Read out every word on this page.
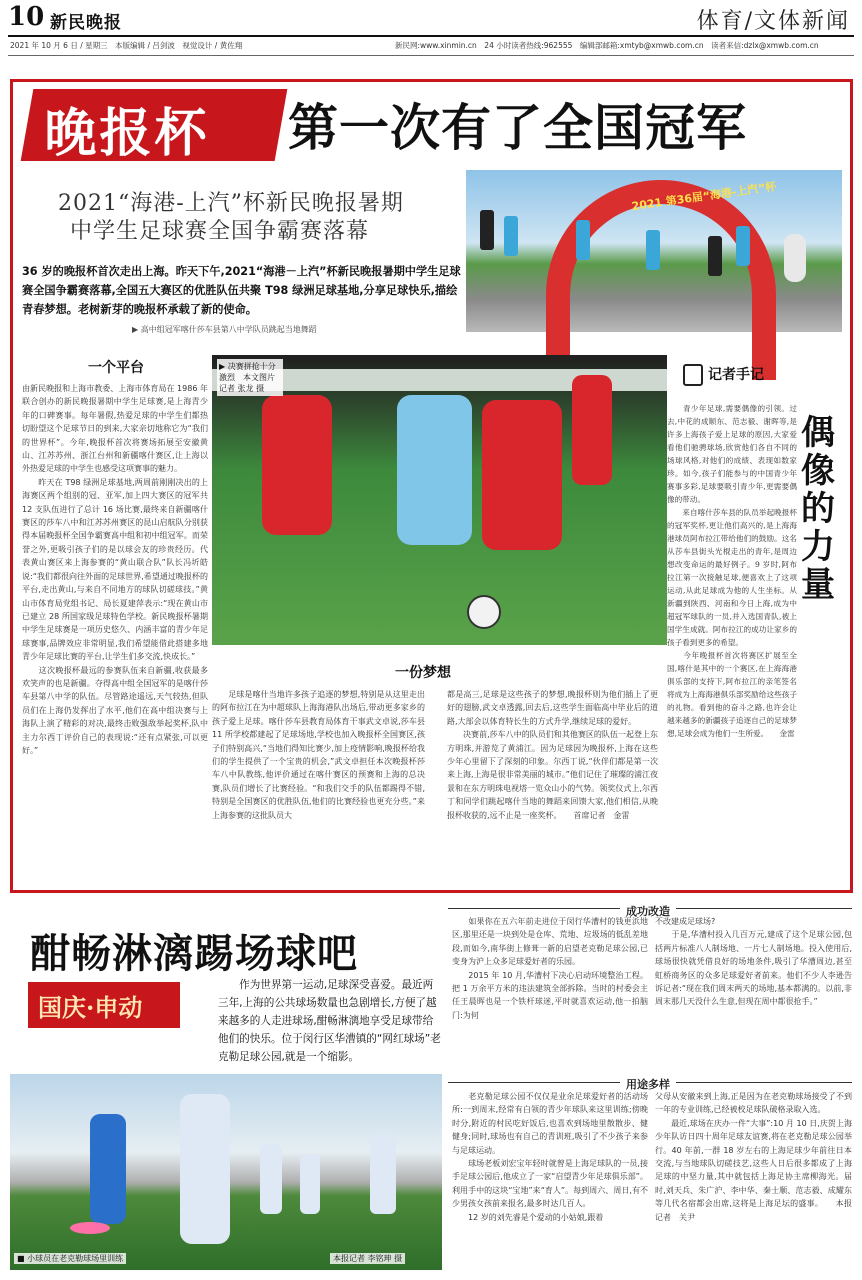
10 新民晚报	体育/文体新闻
2021 年 10 月 6 日 / 星期三　本版编辑 / 吕剑波　视觉设计 / 黄佐翔	新民网:www.xinmin.cn　24 小时读者热线:962555　编辑部邮箱:xmtyb@xmwb.com.cn　读者来信:dzlx@xmwb.com.cn
晚报杯 第一次有了全国冠军
2021“海港-上汽”杯新民晚报暑期
中学生足球赛全国争霸赛落幕
36 岁的晚报杯首次走出上海。昨天下午,2021“海港－上汽”杯新民晚报暑期中学生足球赛全国争霸赛落幕,全国五大赛区的优胜队伍共聚 T98 绿洲足球基地,分享足球快乐,描绘青春梦想。老树新芽的晚报杯承载了新的使命。
▶ 高中组冠军喀什莎车县第八中学队员跳起当地舞蹈
2021 第36届“海港-上汽”杯
一个平台
由新民晚报和上海市教委、上海市体育局在 1986 年联合创办的新民晚报暑期中学生足球赛,是上海青少年的口碑赛事。每年暑假,热爱足球的中学生们都热切盼望这个足球节日的到来,大家亲切地称它为“我们的世界杯”。今年,晚报杯首次将赛场拓展至安徽黄山、江苏苏州、浙江台州和新疆喀什赛区,让上海以外热爱足球的中学生也感受这项赛事的魅力。
　　昨天在 T98 绿洲足球基地,两周前刚刚决出的上海赛区两个组别的冠、亚军,加上四大赛区的冠军共 12 支队伍进行了总计 16 场比赛,最终来自新疆喀什赛区的莎车八中和江苏苏州赛区的昆山启航队分别获得本届晚报杯全国争霸赛高中组和初中组冠军。而荣誉之外,更吸引孩子们的是以球会友的珍贵经历。代表黄山赛区来上海参赛的“黄山联合队”队长冯圻皓说:“我们都很向往外面的足球世界,希望通过晚报杯的平台,走出黄山,与来自不同地方的球队切磋球技。”黄山市体育局党组书记、局长夏建萍表示:“现在黄山市已建立 28 所国家级足球特色学校。新民晚报杯暑期中学生足球赛是一项历史悠久、内涵丰富的青少年足球赛事,品牌效应非常明显,我们希望能借此搭建多地青少年足球比赛的平台,让学生们多交流,快成长。”
　　这次晚报杯最远的参赛队伍来自新疆,收获最多欢笑声的也是新疆。夺得高中组全国冠军的是喀什莎车县第八中学的队伍。尽管路途遥远,天气较热,但队员们在上海仍发挥出了水平,他们在高中组决赛与上海队上演了精彩的对决,最终击败强敌举起奖杯,队中主力尔西丁评价自己的表现说:“还有点紧张,可以更好。”
▶ 决赛拼抢十分激烈　本文图片 记者 张龙 摄
一份梦想
　　足球是喀什当地许多孩子追逐的梦想,特别是从这里走出的阿布拉江在为中超球队上海海港队出场后,带动更多家乡的孩子爱上足球。喀什莎车县教育局体育干事武文卓说,莎车县 11 所学校都建起了足球场地,学校也加入晚报杯全国赛区,孩子们特别高兴,“当地们得知比赛少,加上疫情影响,晚报杯给我们的学生提供了一个宝贵的机会,”武文卓担任本次晚报杯莎车八中队教练,他评价通过在喀什赛区的预赛和上海的总决赛,队员们增长了比赛经验。“和我们交手的队伍都踢得不错,特别是全国赛区的优胜队伍,他们的比赛经验也更充分些。”来上海参赛的这批队员大
都是高三,足球是这些孩子的梦想,晚报杯则为他们插上了更好的翅膀,武文卓透露,回去后,这些学生面临高中毕业后的道路,大部会以体育特长生的方式升学,继续足球的爱好。
　　决赛前,莎车八中的队员们和其他赛区的队伍一起登上东方明珠,并游览了黄浦江。因为足球因为晚报杯,上海在这些少年心里留下了深刻的印象。尔西丁说,“伙伴们都是第一次来上海,上海是很非常美丽的城市。”他们记住了璀璨的浦江夜景和在东方明珠电视塔一览众山小的气势。领奖仪式上,尔西丁和同学们跳起喀什当地的舞蹈来回馈大家,他们相信,从晚报杯收获的,远不止是一座奖杯。　　首席记者　金雷
记者手记
　　青少年足球,需要偶像的引领。过去,中花的成顺东、范志毅、谢晖等,是许多上海孩子爱上足球的原因,大家爱看他们驰骋球场,欣赏他们各自不同的场球风格,对他们的成绩、表现如数家珍。如今,孩子们能参与的中国青少年赛事多彩,足球要吸引青少年,更需要偶像的带动。
　　来自喀什莎车县的队员举起晚报杯的冠军奖杯,更让他们高兴的,是上海海港球员阿布拉江带给他们的鼓励。这名从莎车县街头光棍走出的青年,是周边想改变命运的最好例子。9 岁时,阿布拉江第一次接触足球,便喜欢上了这项运动,从此足球成为他的人生坐标。从新疆到陕西、河南和今日上海,成为中超冠军球队的一员,并入选国青队,被上国学生成就。阿布拉江的成功让家乡的孩子看到更多的希望。
　　今年晚报杯首次将赛区扩展至全国,喀什是其中的一个赛区,在上海海港俱乐部的支持下,阿布拉江的亲笔签名将成为上海海港俱乐部奖励给这些孩子的礼物。看到他的奋斗之路,也许会让越来越多的新疆孩子追逐自己的足球梦想,足球会成为他们一生所爱。　　金雷
偶像的力量
酣畅淋漓踢场球吧
国庆·申动
　　作为世界第一运动,足球深受喜爱。最近两三年,上海的公共球场数量也急剧增长,方便了越来越多的人走进球场,酣畅淋漓地享受足球带给他们的快乐。位于闵行区华漕镇的“网红球场”老克勒足球公园,就是一个缩影。
■ 小球员在老克勒球场里训练	本报记者 李铭珅 摄
成功改造
　　如果你在五六年前走进位于闵行华漕村的钱更浜地区,那里还是一块到处是仓库、荒地、垃圾场的低乱差地段,而如今,南华街上修葺一新的启望老克勒足球公园,已变身为沪上众多足球爱好者的乐园。
　　2015 年 10 月,华漕村下决心启动环境整治工程。把 1 万余平方米的违法建筑全部拆除。当时的村委会主任王晨晖也是一个铁杆球迷,平时就喜欢运动,他一拍脑门:为何
不改建成足球场?
　　于是,华漕村投入几百万元,建成了这个足球公园,包括两片标准八人制场地、一片七人制场地。投入使用后,球场很快就凭借良好的场地条件,吸引了华漕周边,甚至虹桥商务区的众多足球爱好者前来。他们不少人李逊告诉记者:“现在我们周末两天的场地,基本都满的。以前,非周末那几天没什么生意,但现在周中都很抢手。”
用途多样
　　老克勒足球公园不仅仅是业余足球爱好者的活动场所:一到周末,经常有白领的青少年球队来这里训练;傍晚时分,附近的村民吃好饭后,也喜欢到场地里散散步、健健身;同时,球场也有自己的青训班,吸引了不少孩子来参与足球运动。
　　球场老板刘宏宝年轻时就曾是上海足球队的一员,接手足球公园后,他成立了一家“启望青少年足球俱乐部”。利用手中的这块“宝地”来“育人”。每到周六、周日,有不少男孩女孩前来报名,最多时达几百人。
　　12 岁的刘先睿是个爱动的小姑娘,跟着
父母从安徽来到上海,正是因为在老克勒球场接受了不到一年的专业训练,已经被校足球队破格录取入选。
　　最近,球场在庆办一件“大事”:10 月 10 日,庆贺上海少年队访日四十周年足球友谊赛,将在老克勒足球公园举行。40 年前,一群 18 岁左右的上海足球少年前往日本交流,与当地球队切磋技艺,这些人日后很多都成了上海足球的中坚力量,其中就包括上海足协主席柳海光。届时,刘天兵、朱广沪、李中华、秦士顺、范志毅、成耀东等几代名宿都会出席,这将是上海足坛的盛事。　　本报记者　关尹
